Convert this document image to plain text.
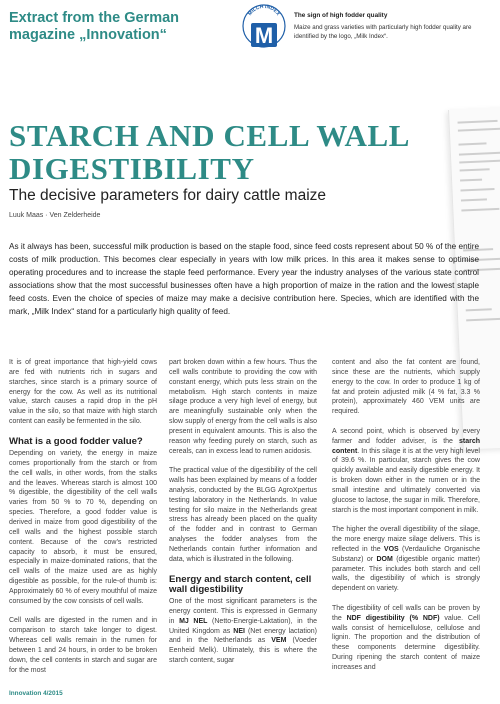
Extract from the German magazine „Innovation“
MILCH INDEX
M
The sign of high fodder quality
Maize and grass varieties with particularly high fodder quality are identified by the logo, „Milk Index“.
STARCH AND CELL WALL DIGESTIBILITY
The decisive parameters for dairy cattle maize
Luuk Maas · Ven Zelderheide

As it always has been, successful milk production is based on the staple food, since feed costs represent about 50 % of the entire costs of milk production. This becomes clear especially in years with low milk prices. In this area it makes sense to optimise operating procedures and to increase the staple feed performance. Every year the industry analyses of the various state control associations show that the most successful businesses often have a high proportion of maize in the ration and the lowest staple feed costs. Even the choice of species of maize may make a decisive contribution here. Species, which are identified with the mark, „Milk Index“ stand for a particularly high quality of feed.

It is of great importance that high-yield cows are fed with nutrients rich in sugars and starches, since starch is a primary source of energy for the cow. As well as its nutritional value, starch causes a rapid drop in the pH value in the silo, so that maize with high starch content can easily be fermented in the silo.

What is a good fodder value?

Depending on variety, the energy in maize comes proportionally from the starch or from the cell walls, in other words, from the stalks and the leaves. Whereas starch is almost 100 % digestible, the digestibility of the cell walls varies from 50 % to 70 %, depending on species. Therefore, a good fodder value is derived in maize from good digestibility of the cell walls and the highest possible starch content. Because of the cow’s restricted capacity to absorb, it must be ensured, especially in maize-dominated rations, that the cell walls of the maize used are as highly digestible as possible, for the rule-of thumb is: Approximately 60 % of every mouthful of maize consumed by the cow consists of cell walls.

Cell walls are digested in the rumen and in comparison to starch take longer to digest. Whereas cell walls remain in the rumen for between 1 and 24 hours, in order to be broken down, the cell contents in starch and sugar are for the most

part broken down within a few hours. Thus the cell walls contribute to providing the cow with constant energy, which puts less strain on the metabolism. High starch contents in maize silage produce a very high level of energy, but are meaningfully sustainable only when the slow supply of energy from the cell walls is also present in equivalent amounts. This is also the reason why feeding purely on starch, such as cereals, can in excess lead to rumen acidosis.

The practical value of the digestibility of the cell walls has been explained by means of a fodder analysis, conducted by the BLGG AgroXpertus testing laboratory in the Netherlands. In value testing for silo maize in the Netherlands great stress has already been placed on the quality of the fodder and in contrast to German analyses the fodder analyses from the Netherlands contain further information and data, which is illustrated in the following.

Energy and starch content, cell wall digestibility

One of the most significant parameters is the energy content. This is expressed in Germany in MJ NEL (Netto-Energie-Laktation), in the United Kingdom as NEI (Net energy lactation) and in the Netherlands as VEM (Voeder Eenheid Melk). Ultimately, this is where the starch content, sugar

content and also the fat content are found, since these are the nutrients, which supply energy to the cow. In order to produce 1 kg of fat and protein adjusted milk (4 % fat, 3.3 % protein), approximately 460 VEM units are required.

A second point, which is observed by every farmer and fodder adviser, is the starch content. In this silage it is at the very high level of 39.6 %. In particular, starch gives the cow quickly available and easily digestible energy. It is broken down either in the rumen or in the small intestine and ultimately converted via glucose to lactose, the sugar in milk. Therefore, starch is the most important component in milk.

The higher the overall digestibility of the silage, the more energy maize silage delivers. This is reflected in the VOS (Verdauliche Organische Substanz) or DOM (digestible organic matter) parameter. This includes both starch and cell walls, the digestibility of which is strongly dependent on variety.

The digestibility of cell walls can be proven by the NDF digestibility (% NDF) value. Cell walls consist of hemicellulose, cellulose and lignin. The proportion and the distribution of these components determine digestibility. During ripening the starch content of maize increases and

Innovation 4/2015
